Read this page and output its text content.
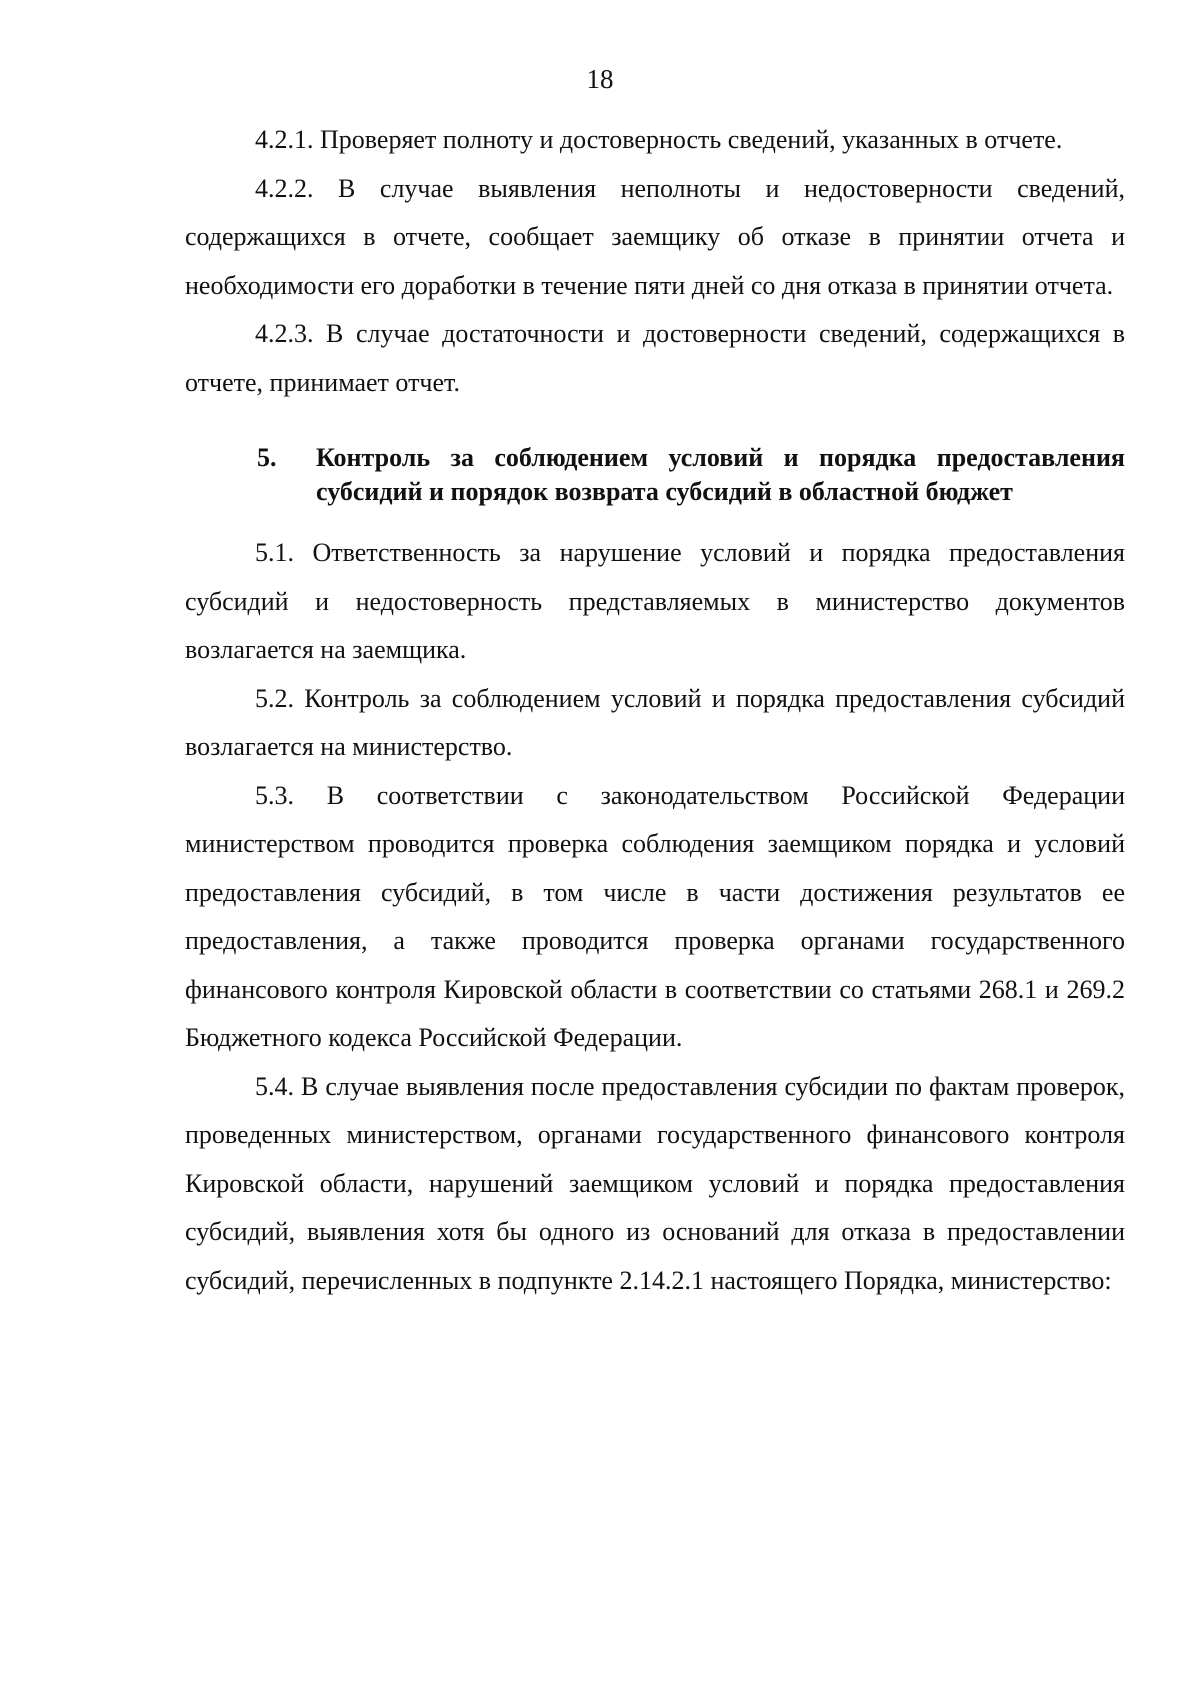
18

4.2.1. Проверяет полноту и достоверность сведений, указанных в отчете.

4.2.2. В случае выявления неполноты и недостоверности сведений, содержащихся в отчете, сообщает заемщику об отказе в принятии отчета и необходимости его доработки в течение пяти дней со дня отказа в принятии отчета.

4.2.3. В случае достаточности и достоверности сведений, содержащихся в отчете, принимает отчет.

5. Контроль за соблюдением условий и порядка предоставления субсидий и порядок возврата субсидий в областной бюджет

5.1. Ответственность за нарушение условий и порядка предоставления субсидий и недостоверность представляемых в министерство документов возлагается на заемщика.

5.2. Контроль за соблюдением условий и порядка предоставления субсидий возлагается на министерство.

5.3. В соответствии с законодательством Российской Федерации министерством проводится проверка соблюдения заемщиком порядка и условий предоставления субсидий, в том числе в части достижения результатов ее предоставления, а также проводится проверка органами государственного финансового контроля Кировской области в соответствии со статьями 268.1 и 269.2 Бюджетного кодекса Российской Федерации.

5.4. В случае выявления после предоставления субсидии по фактам проверок, проведенных министерством, органами государственного финансового контроля Кировской области, нарушений заемщиком условий и порядка предоставления субсидий, выявления хотя бы одного из оснований для отказа в предоставлении субсидий, перечисленных в подпункте 2.14.2.1 настоящего Порядка, министерство:
